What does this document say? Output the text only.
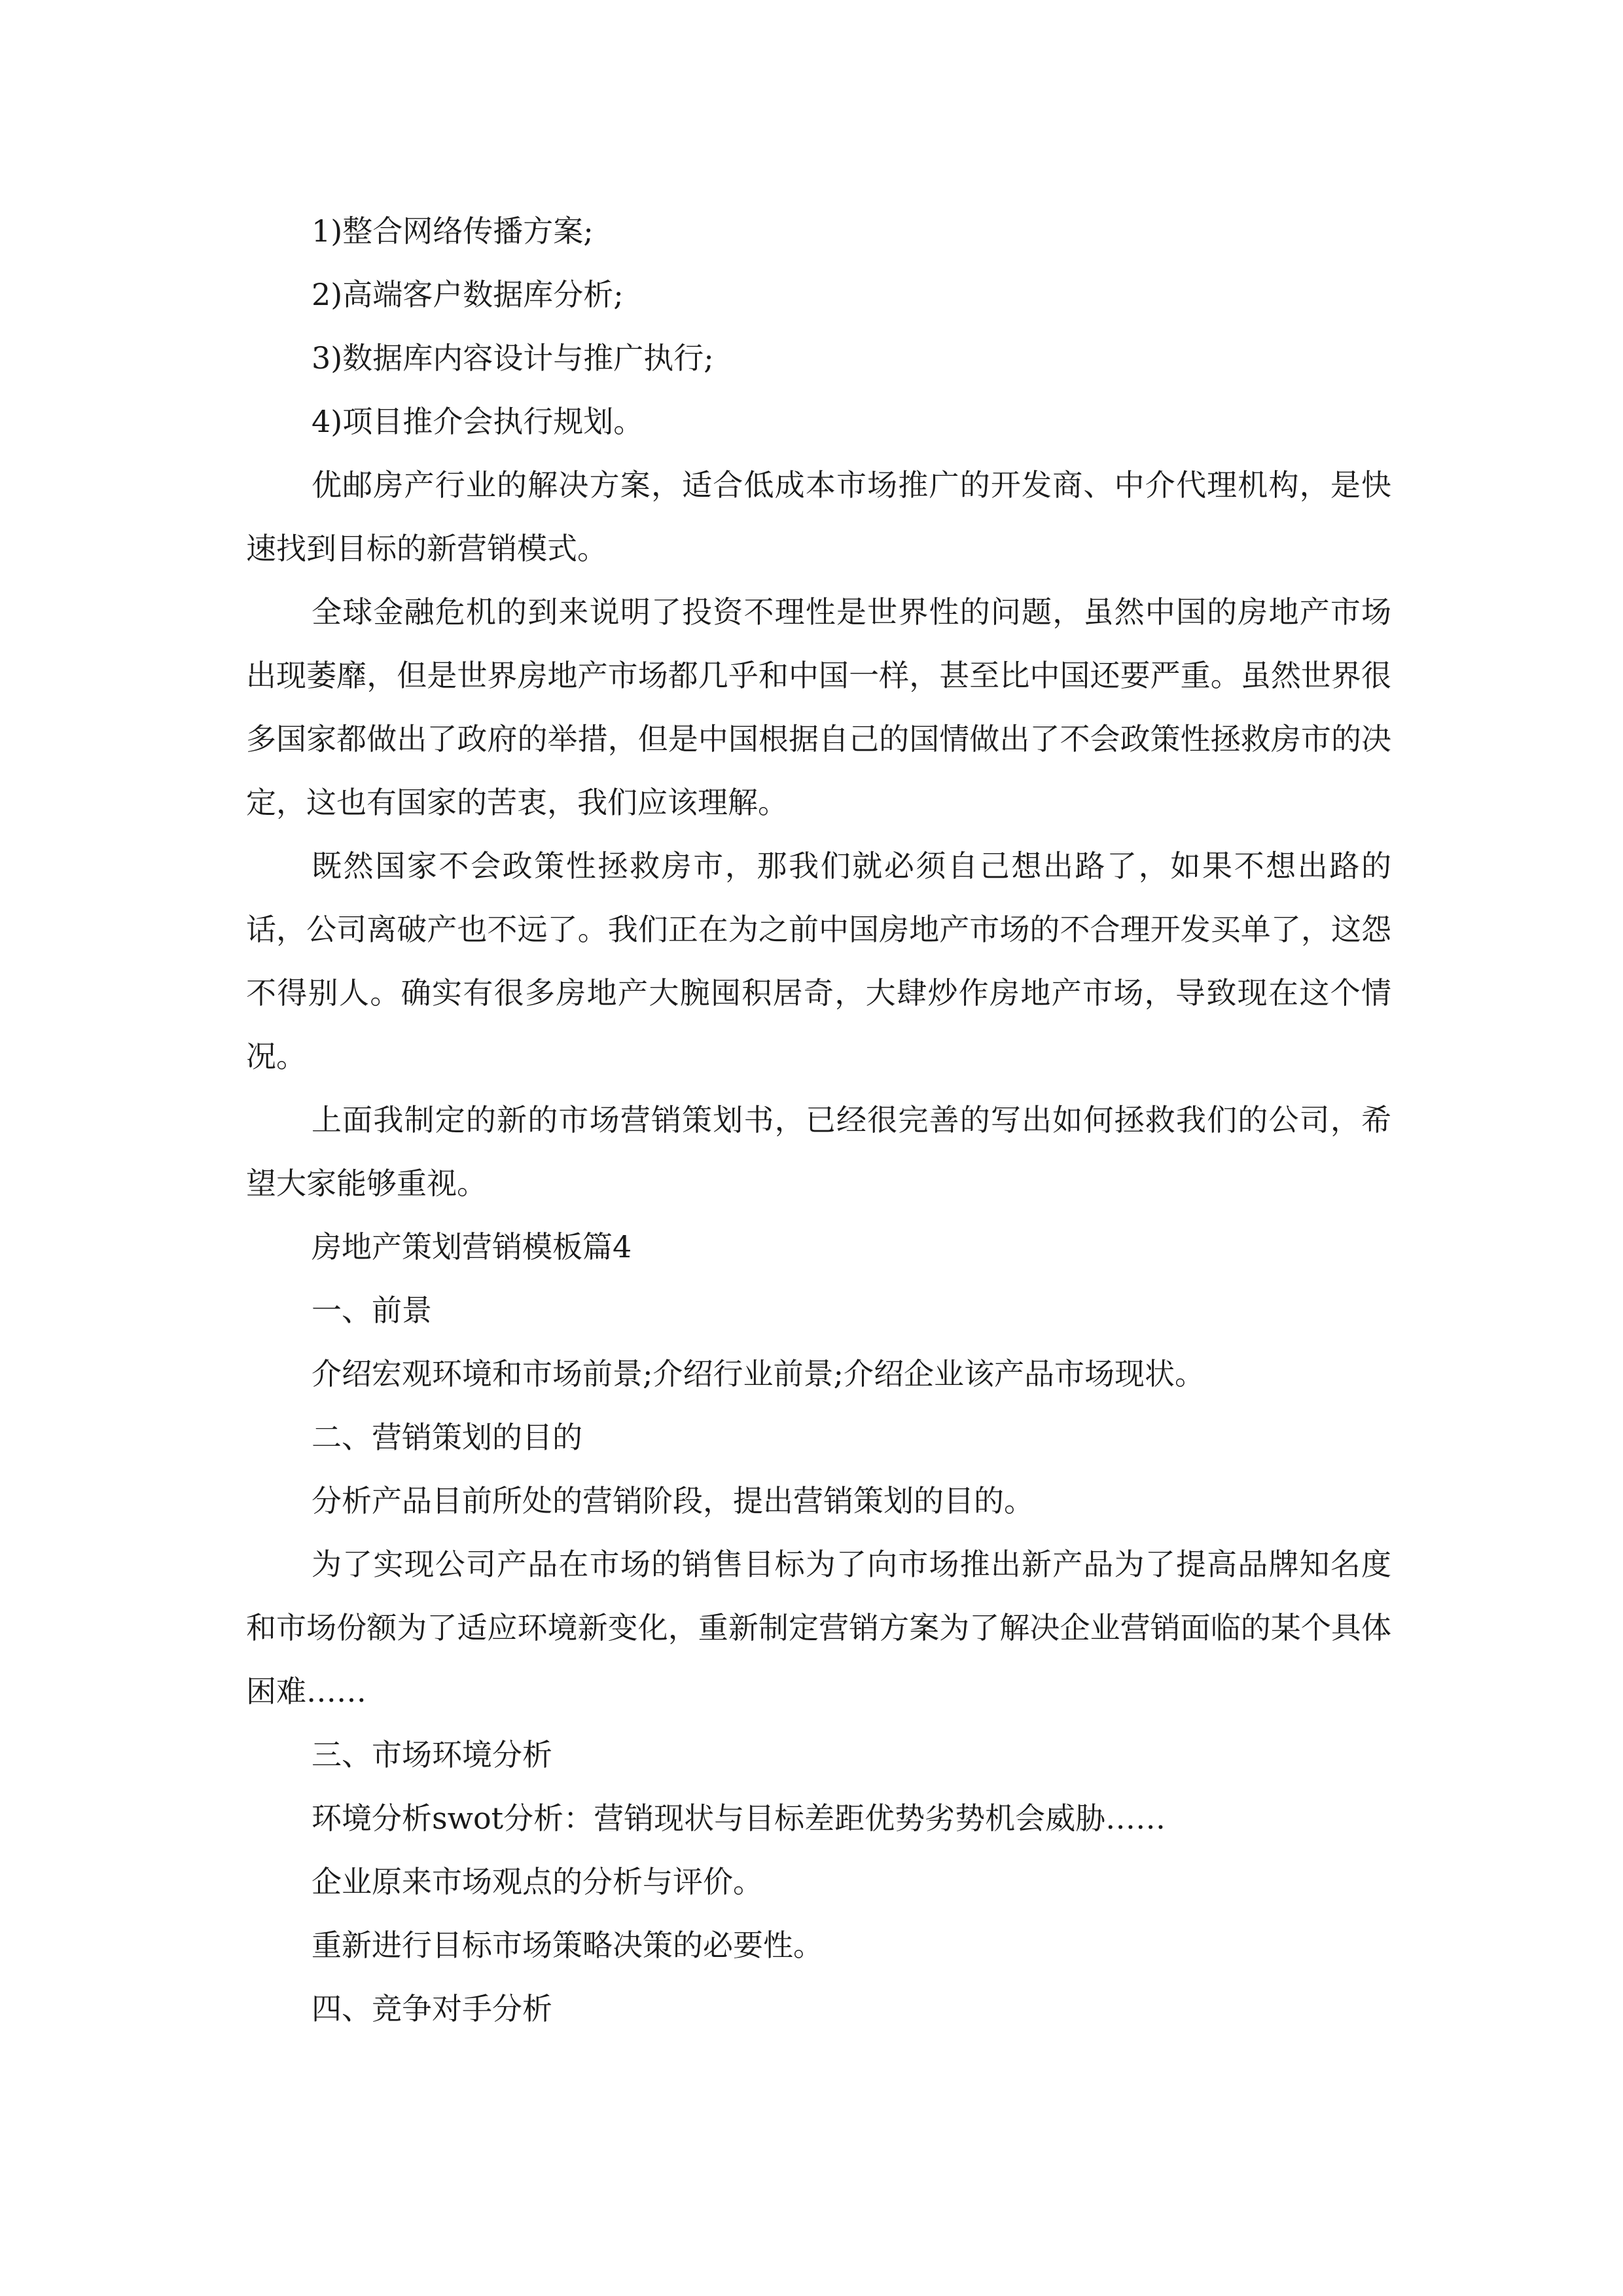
1)整合网络传播方案;

2)高端客户数据库分析;

3)数据库内容设计与推广执行;

4)项目推介会执行规划。

优邮房产行业的解决方案，适合低成本市场推广的开发商、中介代理机构，是快速找到目标的新营销模式。

全球金融危机的到来说明了投资不理性是世界性的问题，虽然中国的房地产市场出现萎靡，但是世界房地产市场都几乎和中国一样，甚至比中国还要严重。虽然世界很多国家都做出了政府的举措，但是中国根据自己的国情做出了不会政策性拯救房市的决定，这也有国家的苦衷，我们应该理解。

既然国家不会政策性拯救房市，那我们就必须自己想出路了，如果不想出路的话，公司离破产也不远了。我们正在为之前中国房地产市场的不合理开发买单了，这怨不得别人。确实有很多房地产大腕囤积居奇，大肆炒作房地产市场，导致现在这个情况。

上面我制定的新的市场营销策划书，已经很完善的写出如何拯救我们的公司，希望大家能够重视。

房地产策划营销模板篇4

一、前景

介绍宏观环境和市场前景;介绍行业前景;介绍企业该产品市场现状。

二、营销策划的目的

分析产品目前所处的营销阶段，提出营销策划的目的。

为了实现公司产品在市场的销售目标为了向市场推出新产品为了提高品牌知名度和市场份额为了适应环境新变化，重新制定营销方案为了解决企业营销面临的某个具体困难……

三、市场环境分析

环境分析swot分析：营销现状与目标差距优势劣势机会威胁……

企业原来市场观点的分析与评价。

重新进行目标市场策略决策的必要性。

四、竞争对手分析
